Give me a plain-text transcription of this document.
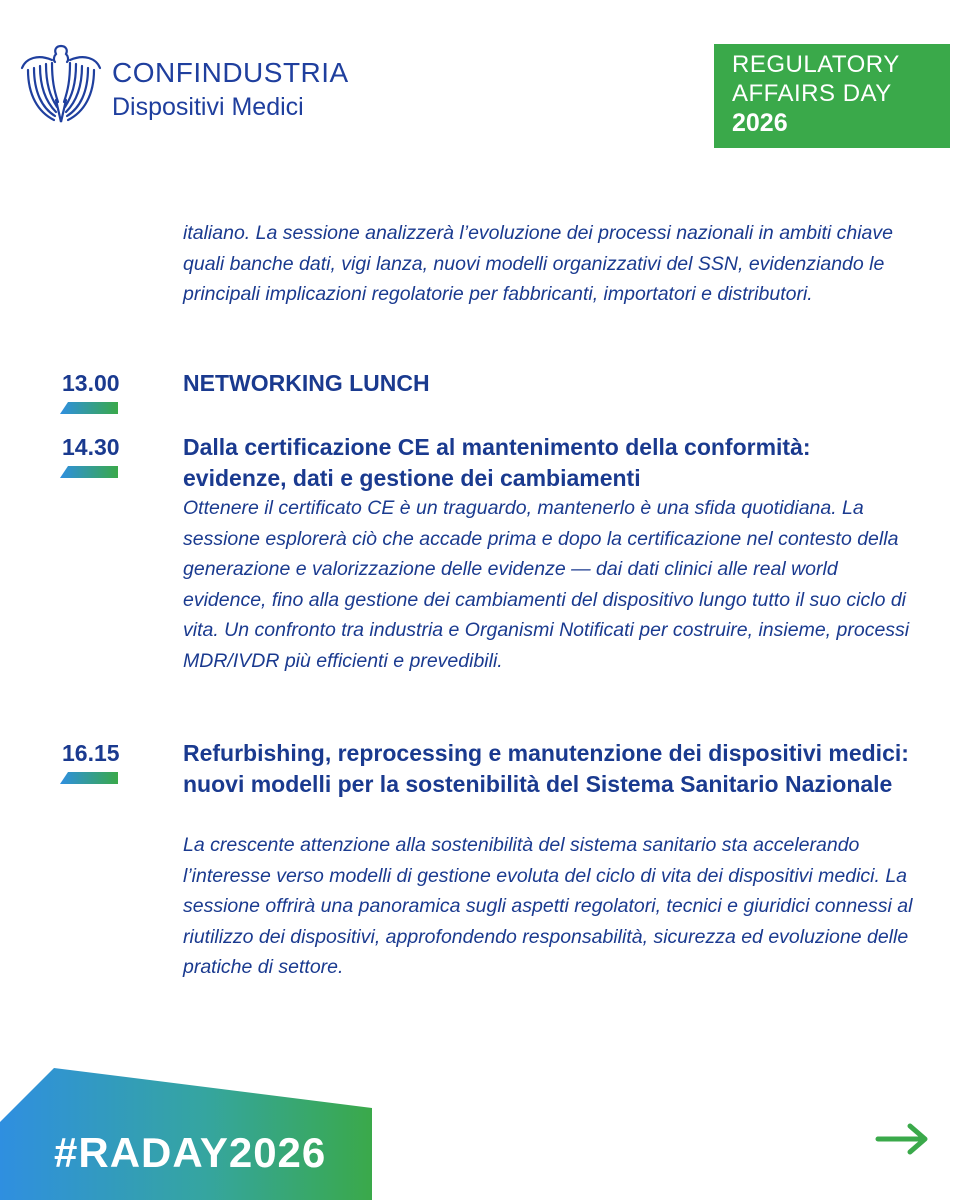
CONFINDUSTRIA
Dispositivi Medici
REGULATORY
AFFAIRS DAY
2026

italiano. La sessione analizzerà l’evoluzione dei processi nazionali in ambiti chiave quali banche dati, vigi lanza, nuovi modelli organizzativi del SSN, evidenziando le principali implicazioni regolatorie per fabbricanti, importatori e distributori.

13.00	NETWORKING LUNCH
14.30	Dalla certificazione CE al mantenimento della conformità: evidenze, dati e gestione dei cambiamenti
Ottenere il certificato CE è un traguardo, mantenerlo è una sfida quotidiana. La sessione esplorerà ciò che accade prima e dopo la certificazione nel contesto della generazione e valorizzazione delle evidenze — dai dati clinici alle real world evidence, fino alla gestione dei cambiamenti del dispositivo lungo tutto il suo ciclo di vita. Un confronto tra industria e Organismi Notificati per costruire, insieme, processi MDR/IVDR più efficienti e prevedibili.
16.15	Refurbishing, reprocessing e manutenzione dei dispositivi medici: nuovi modelli per la sostenibilità del Sistema Sanitario Nazionale
La crescente attenzione alla sostenibilità del sistema sanitario sta accelerando l’interesse verso modelli di gestione evoluta del ciclo di vita dei dispositivi medici. La sessione offrirà una panoramica sugli aspetti regolatori, tecnici e giuridici connessi al riutilizzo dei dispositivi, approfondendo responsabilità, sicurezza ed evoluzione delle pratiche di settore.
#RADAY2026
